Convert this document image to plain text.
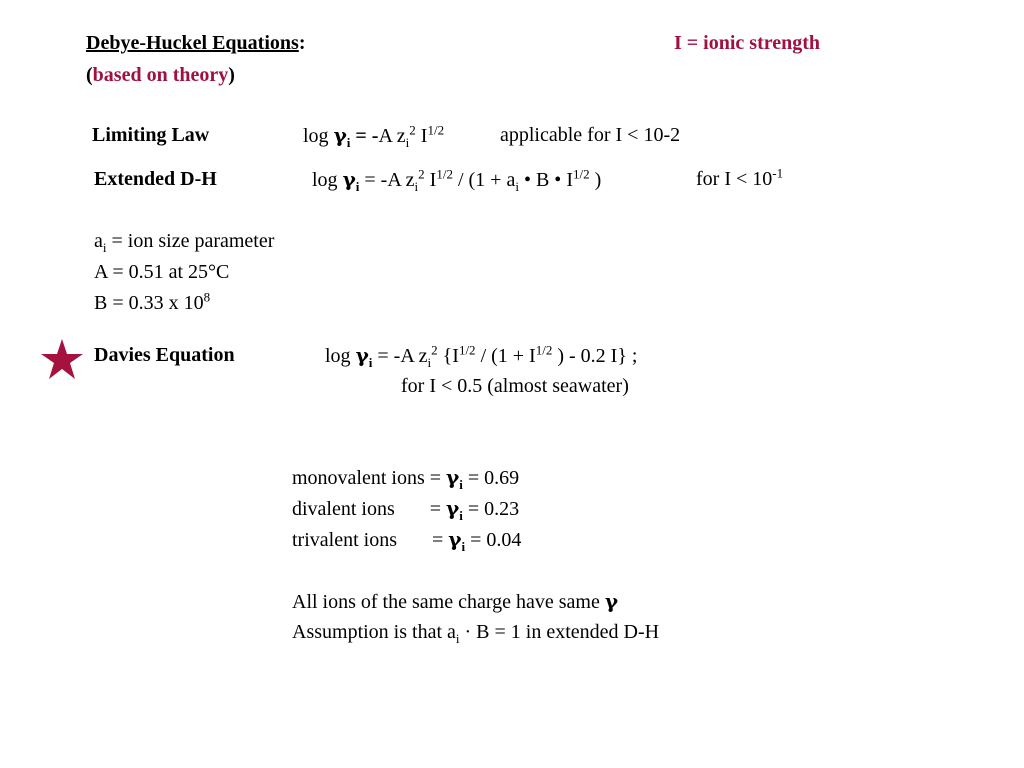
Debye-Huckel Equations:	I = ionic strength
(based on theory)
Limiting Law	$\log \gamma_i = -A$ $z_i^2$ $I^{1/2}$	applicable for I < 10-2
Extended D-H	$\log \gamma_i = -A$ $z_i^2$ $I^{1/2} / (1 + a_i$ • B • $I^{1/2}$ )	for $I < 10^{-1}$
$a_i$ = ion size parameter
A = 0.51 at 25°C
B = 0.33 x $10^8$
Davies Equation	$\log \gamma_i = -A$ $z_i^2$ {$I^{1/2} / (1 + I^{1/2}$ ) - 0.2 I} ;
for I < 0.5 (almost seawater)
monovalent ions = $\gamma_i = 0.69$
divalent ions       = $\gamma_i = 0.23$
trivalent ions       = $\gamma_i = 0.04$
All ions of the same charge have same γ
Assumption is that $a_i \cdot B = 1$ in extended D-H
